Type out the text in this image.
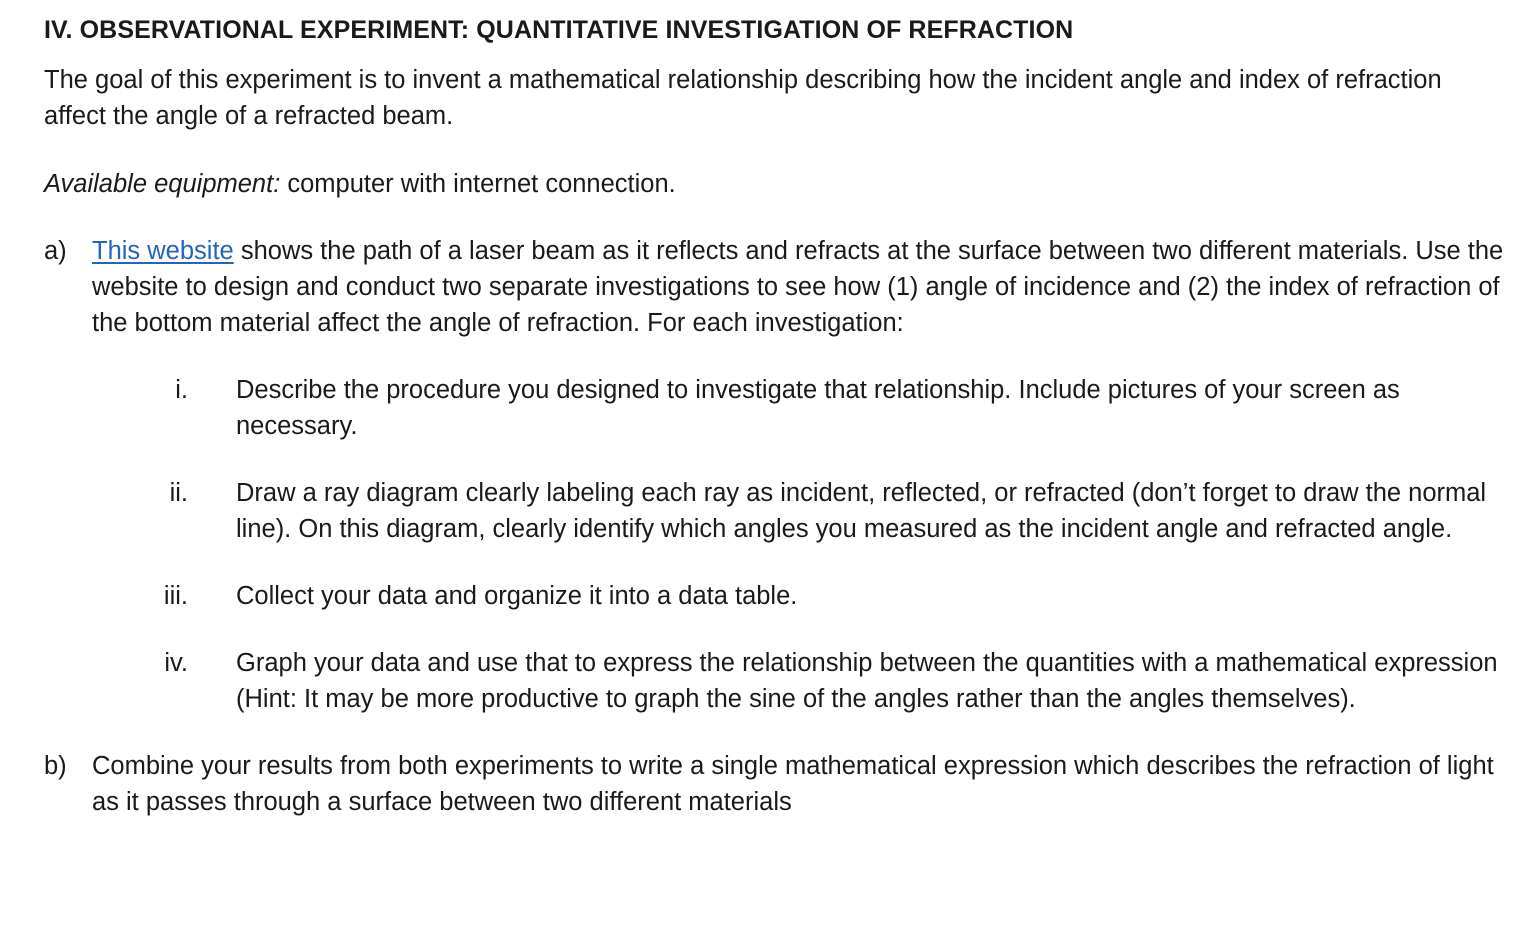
IV. OBSERVATIONAL EXPERIMENT: QUANTITATIVE INVESTIGATION OF REFRACTION

The goal of this experiment is to invent a mathematical relationship describing how the incident angle and index of refraction affect the angle of a refracted beam.

Available equipment: computer with internet connection.

a) This website shows the path of a laser beam as it reflects and refracts at the surface between two different materials. Use the website to design and conduct two separate investigations to see how (1) angle of incidence and (2) the index of refraction of the bottom material affect the angle of refraction. For each investigation:
i. Describe the procedure you designed to investigate that relationship. Include pictures of your screen as necessary.
ii. Draw a ray diagram clearly labeling each ray as incident, reflected, or refracted (don’t forget to draw the normal line). On this diagram, clearly identify which angles you measured as the incident angle and refracted angle.
iii. Collect your data and organize it into a data table.
iv. Graph your data and use that to express the relationship between the quantities with a mathematical expression (Hint: It may be more productive to graph the sine of the angles rather than the angles themselves).
b) Combine your results from both experiments to write a single mathematical expression which describes the refraction of light as it passes through a surface between two different materials
